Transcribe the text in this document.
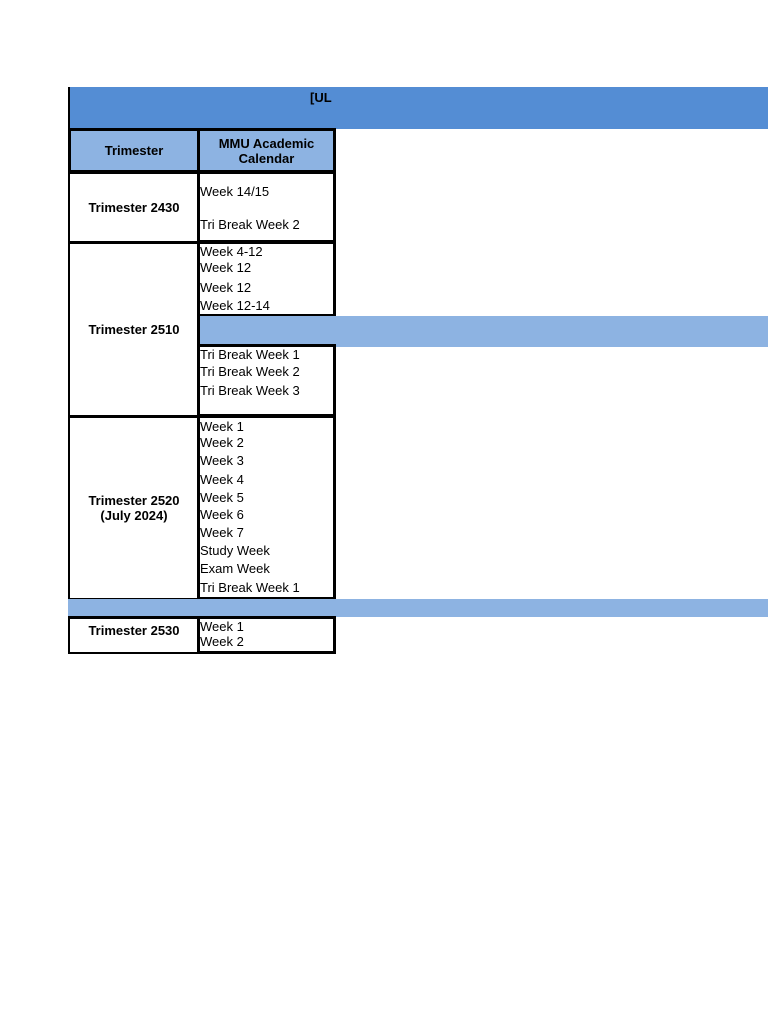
[UL
Trimester	MMU Academic Calendar
Trimester 2430
Week 14/15
Tri Break Week 2
Trimester 2510
Week 4-12
Week 12
Week 12
Week 12-14
Tri Break Week 1
Tri Break Week 2
Tri Break Week 3
Trimester 2520
(July 2024)
Week 1
Week 2
Week 3
Week 4
Week 5
Week 6
Week 7
Study Week
Exam Week
Tri Break Week 1
Trimester 2530 Week 1
Week 2
